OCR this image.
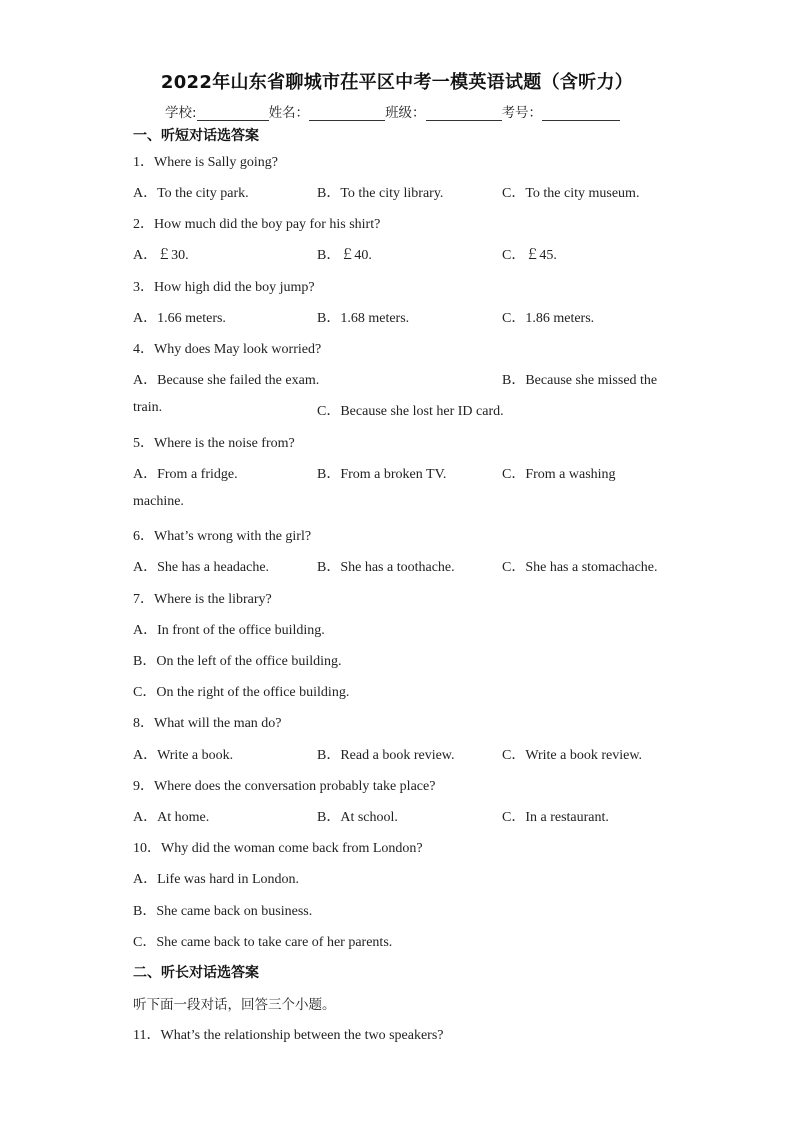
2022年山东省聊城市茌平区中考一模英语试题（含听力）
学校:	姓名：	班级：	考号：
一、听短对话选答案
1．Where is Sally going?
A．To the city park.	B．To the city library.	C．To the city museum.
2．How much did the boy pay for his shirt?
A．￡30.	B．￡40.	C．￡45.
3．How high did the boy jump?
A．1.66 meters.	B．1.68 meters.	C．1.86 meters.
4．Why does May look worried?
A．Because she failed the exam.	B．Because she missed the
train.	C．Because she lost her ID card.
5．Where is the noise from?
A．From a fridge.	B．From a broken TV.	C．From a washing
machine.
6．What’s wrong with the girl?
A．She has a headache.	B．She has a toothache.	C．She has a stomachache.
7．Where is the library?
A．In front of the office building.
B．On the left of the office building.
C．On the right of the office building.
8．What will the man do?
A．Write a book.	B．Read a book review.	C．Write a book review.
9．Where does the conversation probably take place?
A．At home.	B．At school.	C．In a restaurant.
10．Why did the woman come back from London?
A．Life was hard in London.
B．She came back on business.
C．She came back to take care of her parents.
二、听长对话选答案
听下面一段对话，回答三个小题。
11．What’s the relationship between the two speakers?
